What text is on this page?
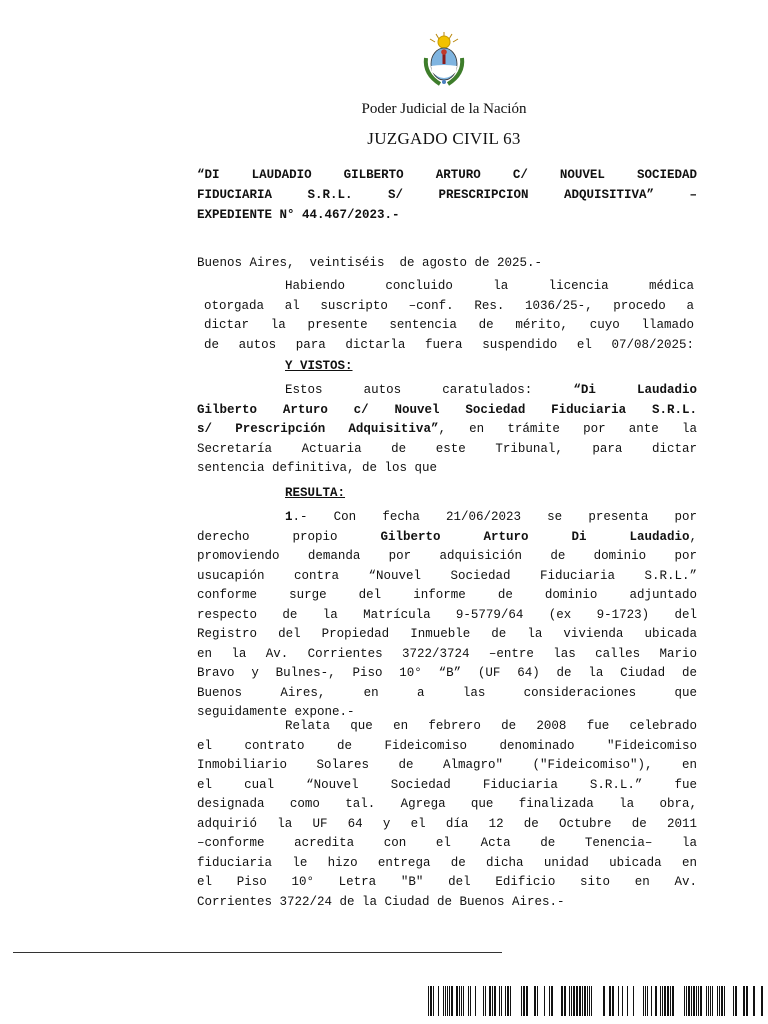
Poder Judicial de la Nación
JUZGADO CIVIL 63
“DI LAUDADIO GILBERTO ARTURO C/ NOUVEL SOCIEDAD
FIDUCIARIA S.R.L. S/ PRESCRIPCION ADQUISITIVA” –
EXPEDIENTE N° 44.467/2023.-
Buenos Aires,  veintiséis  de agosto de 2025.-
Habiendo concluido la licencia médica
otorgada al suscripto –conf. Res. 1036/25-, procedo a
dictar la presente sentencia de mérito, cuyo llamado
de autos para dictarla fuera suspendido el 07/08/2025:
Y VISTOS:
Estos autos caratulados: “Di Laudadio
Gilberto Arturo c/ Nouvel Sociedad Fiduciaria S.R.L.
s/ Prescripción Adquisitiva”, en trámite por ante la
Secretaría Actuaria de este Tribunal, para dictar
sentencia definitiva, de los que
RESULTA:
1.- Con fecha 21/06/2023 se presenta por
derecho propio Gilberto Arturo Di Laudadio,
promoviendo demanda por adquisición de dominio por
usucapión contra “Nouvel Sociedad Fiduciaria S.R.L.”
conforme surge del informe de dominio adjuntado
respecto de la Matrícula 9-5779/64 (ex 9-1723) del
Registro del Propiedad Inmueble de la vivienda ubicada
en la Av. Corrientes 3722/3724 –entre las calles Mario
Bravo y Bulnes-, Piso 10° “B” (UF 64) de la Ciudad de
Buenos Aires, en a las consideraciones que
seguidamente expone.-
Relata que en febrero de 2008 fue celebrado
el contrato de Fideicomiso denominado "Fideicomiso
Inmobiliario Solares de Almagro" ("Fideicomiso"), en
el cual “Nouvel Sociedad Fiduciaria S.R.L.” fue
designada como tal. Agrega que finalizada la obra,
adquirió la UF 64 y el día 12 de Octubre de 2011
–conforme acredita con el Acta de Tenencia– la
fiduciaria le hizo entrega de dicha unidad ubicada en
el Piso 10° Letra "B" del Edificio sito en Av.
Corrientes 3722/24 de la Ciudad de Buenos Aires.-
